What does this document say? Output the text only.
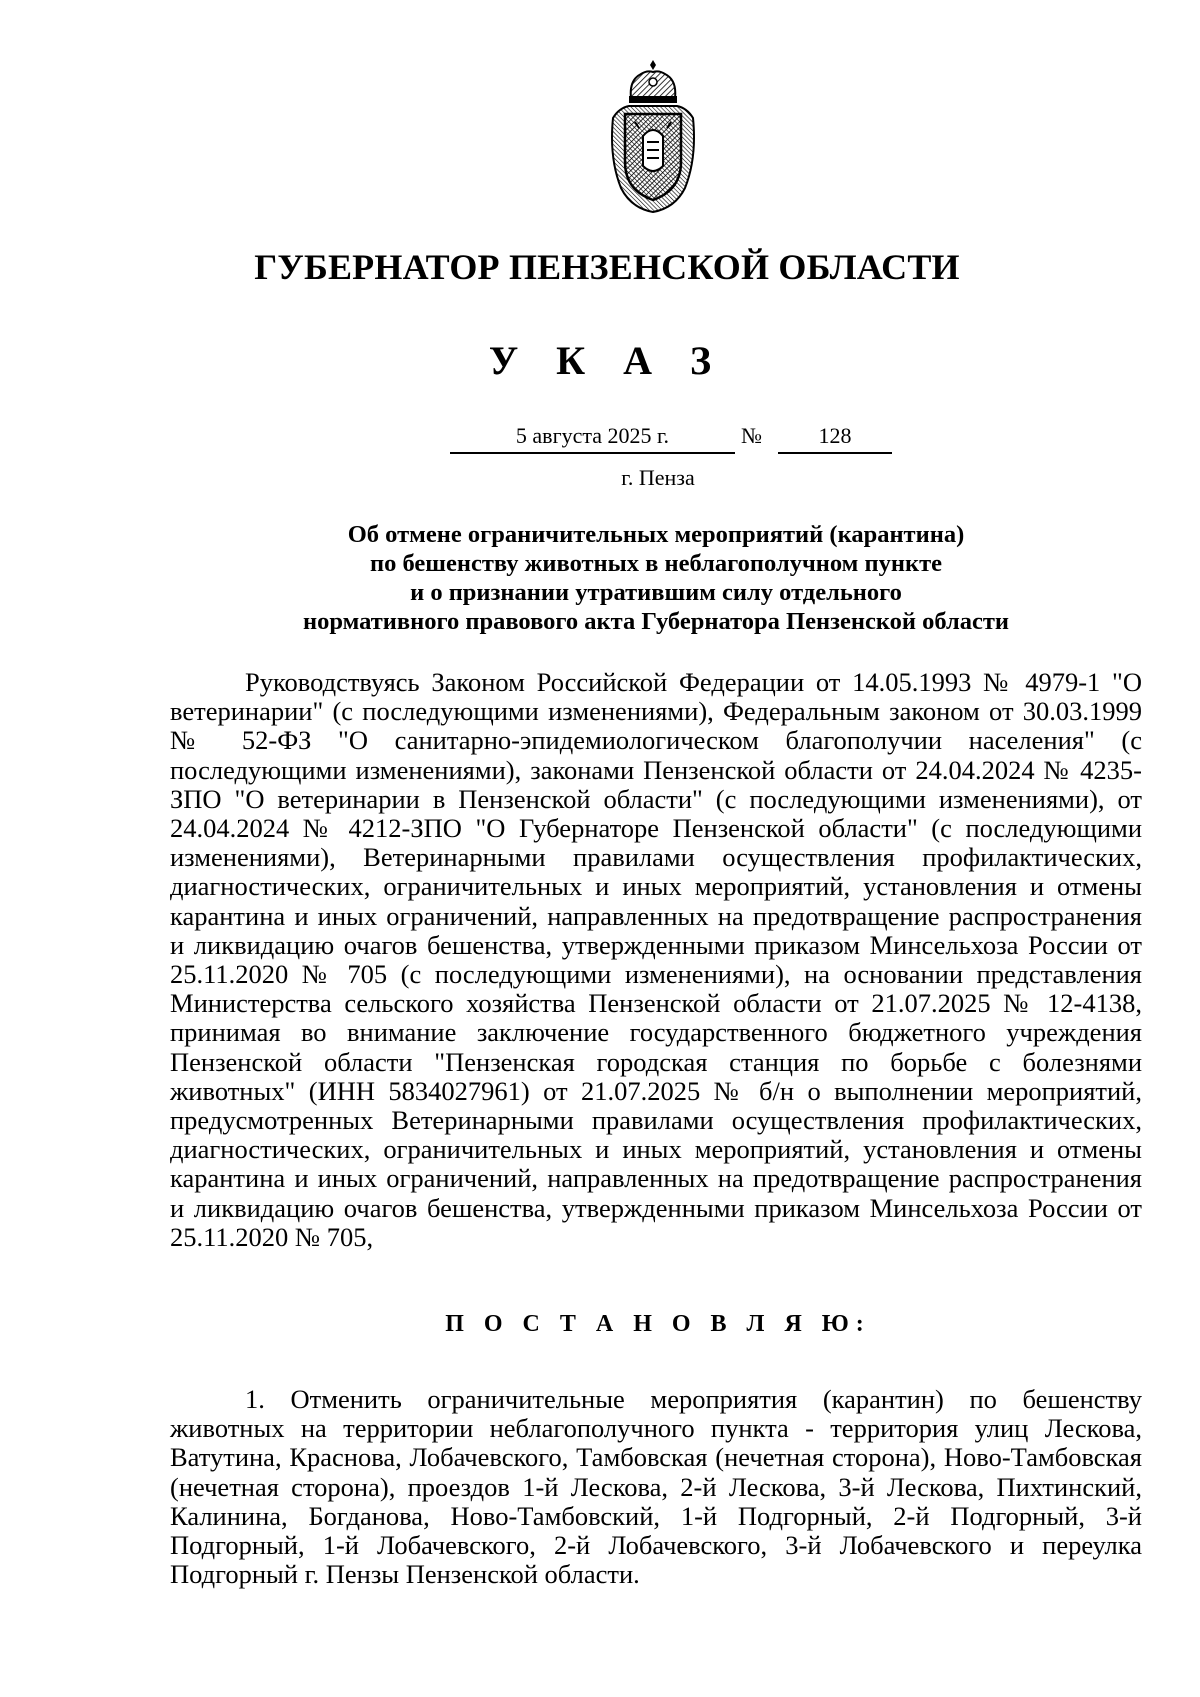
ГУБЕРНАТОР ПЕНЗЕНСКОЙ ОБЛАСТИ
У К А З
5 августа 2025 г.	№	128
г. Пенза
Об отмене ограничительных мероприятий (карантина)
по бешенству животных в неблагополучном пункте
и о признании утратившим силу отдельного
нормативного правового акта Губернатора Пензенской области

Руководствуясь Законом Российской Федерации от 14.05.1993 № 4979-1 "О ветеринарии" (с последующими изменениями), Федеральным законом от 30.03.1999 № 52-ФЗ "О санитарно-эпидемиологическом благополучии населения" (с последующими изменениями), законами Пензенской области от 24.04.2024 № 4235-ЗПО "О ветеринарии в Пензенской области" (с последующими изменениями), от 24.04.2024 № 4212-ЗПО "О Губернаторе Пензенской области" (с последующими изменениями), Ветеринарными правилами осуществления профилактических, диагностических, ограничительных и иных мероприятий, установления и отмены карантина и иных ограничений, направленных на предотвращение распространения и ликвидацию очагов бешенства, утвержденными приказом Минсельхоза России от 25.11.2020 № 705 (с последующими изменениями), на основании представления Министерства сельского хозяйства Пензенской области от 21.07.2025 № 12-4138, принимая во внимание заключение государственного бюджетного учреждения Пензенской области "Пензенская городская станция по борьбе с болезнями животных" (ИНН 5834027961) от 21.07.2025 № б/н о выполнении мероприятий, предусмотренных Ветеринарными правилами осуществления профилактических, диагностических, ограничительных и иных мероприятий, установления и отмены карантина и иных ограничений, направленных на предотвращение распространения и ликвидацию очагов бешенства, утвержденными приказом Минсельхоза России от 25.11.2020 № 705,

П О С Т А Н О В Л Я Ю:

1. Отменить ограничительные мероприятия (карантин) по бешенству животных на территории неблагополучного пункта - территория улиц Лескова, Ватутина, Краснова, Лобачевского, Тамбовская (нечетная сторона), Ново-Тамбовская (нечетная сторона), проездов 1-й Лескова, 2-й Лескова, 3-й Лескова, Пихтинский, Калинина, Богданова, Ново-Тамбовский, 1-й Подгорный, 2-й Подгорный, 3-й Подгорный, 1-й Лобачевского, 2-й Лобачевского, 3-й Лобачевского и переулка Подгорный г. Пензы Пензенской области.
